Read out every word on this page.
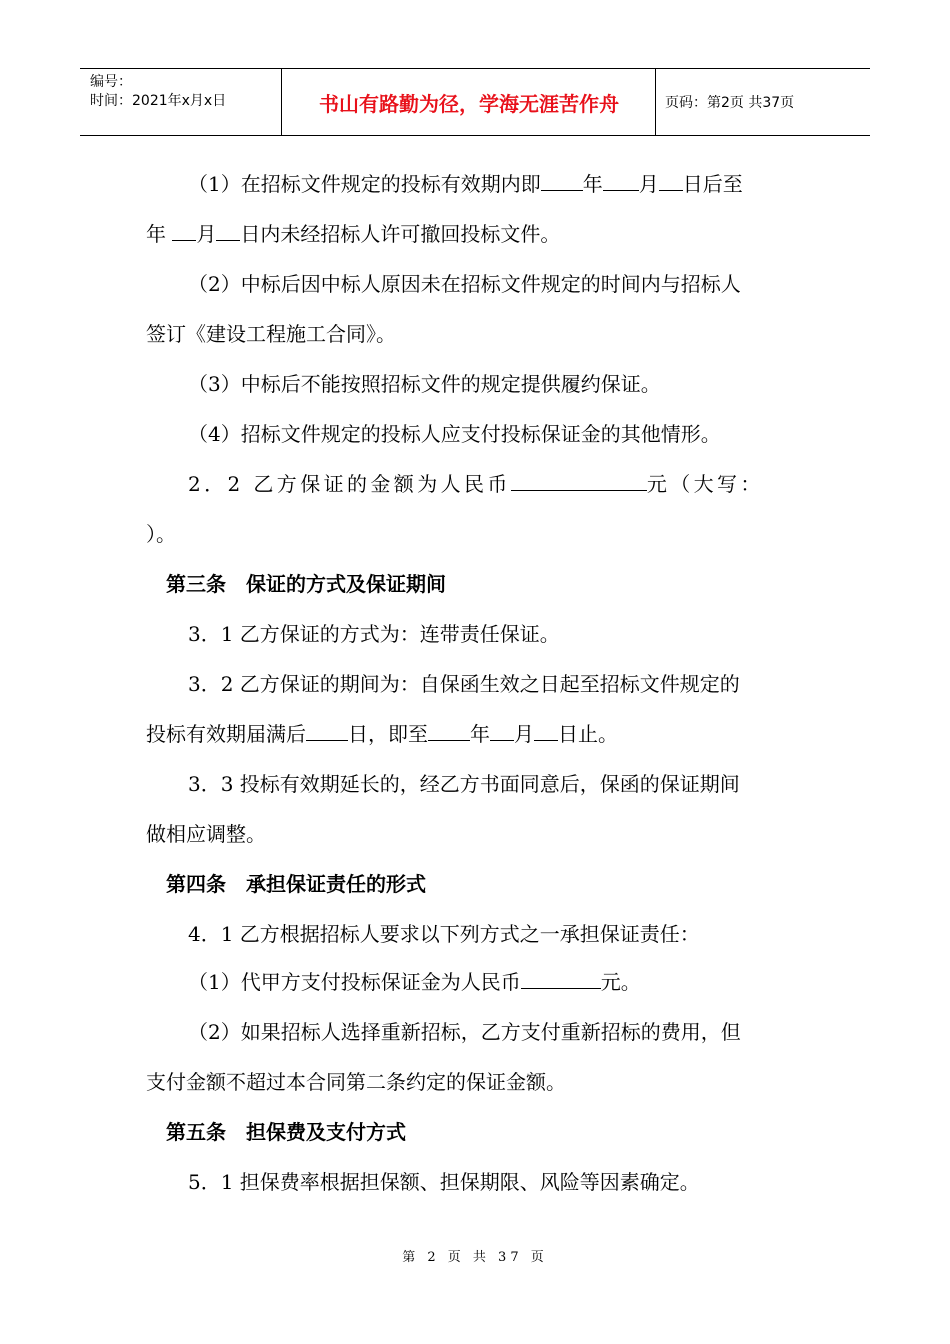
编号：
时间：2021年x月x日	书山有路勤为径，学海无涯苦作舟	页码：第2页 共37页
（1）在招标文件规定的投标有效期内即 年 月 日后至
年 月 日内未经招标人许可撤回投标文件。
（2）中标后因中标人原因未在招标文件规定的时间内与招标人
签订《建设工程施工合同》。
（3）中标后不能按照招标文件的规定提供履约保证。
（4）招标文件规定的投标人应支付投标保证金的其他情形。
2．2 乙方保证的金额为人民币	元（大写：
）。
第三条　保证的方式及保证期间
3．1 乙方保证的方式为：连带责任保证。
3．2 乙方保证的期间为：自保函生效之日起至招标文件规定的
投标有效期届满后 日，即至 年 月 日止。
3．3 投标有效期延长的，经乙方书面同意后，保函的保证期间
做相应调整。
第四条　承担保证责任的形式
4．1 乙方根据招标人要求以下列方式之一承担保证责任：
（1）代甲方支付投标保证金为人民币	元。
（2）如果招标人选择重新招标，乙方支付重新招标的费用，但
支付金额不超过本合同第二条约定的保证金额。
第五条　担保费及支付方式
5．1 担保费率根据担保额、担保期限、风险等因素确定。
第 2 页 共 37 页
